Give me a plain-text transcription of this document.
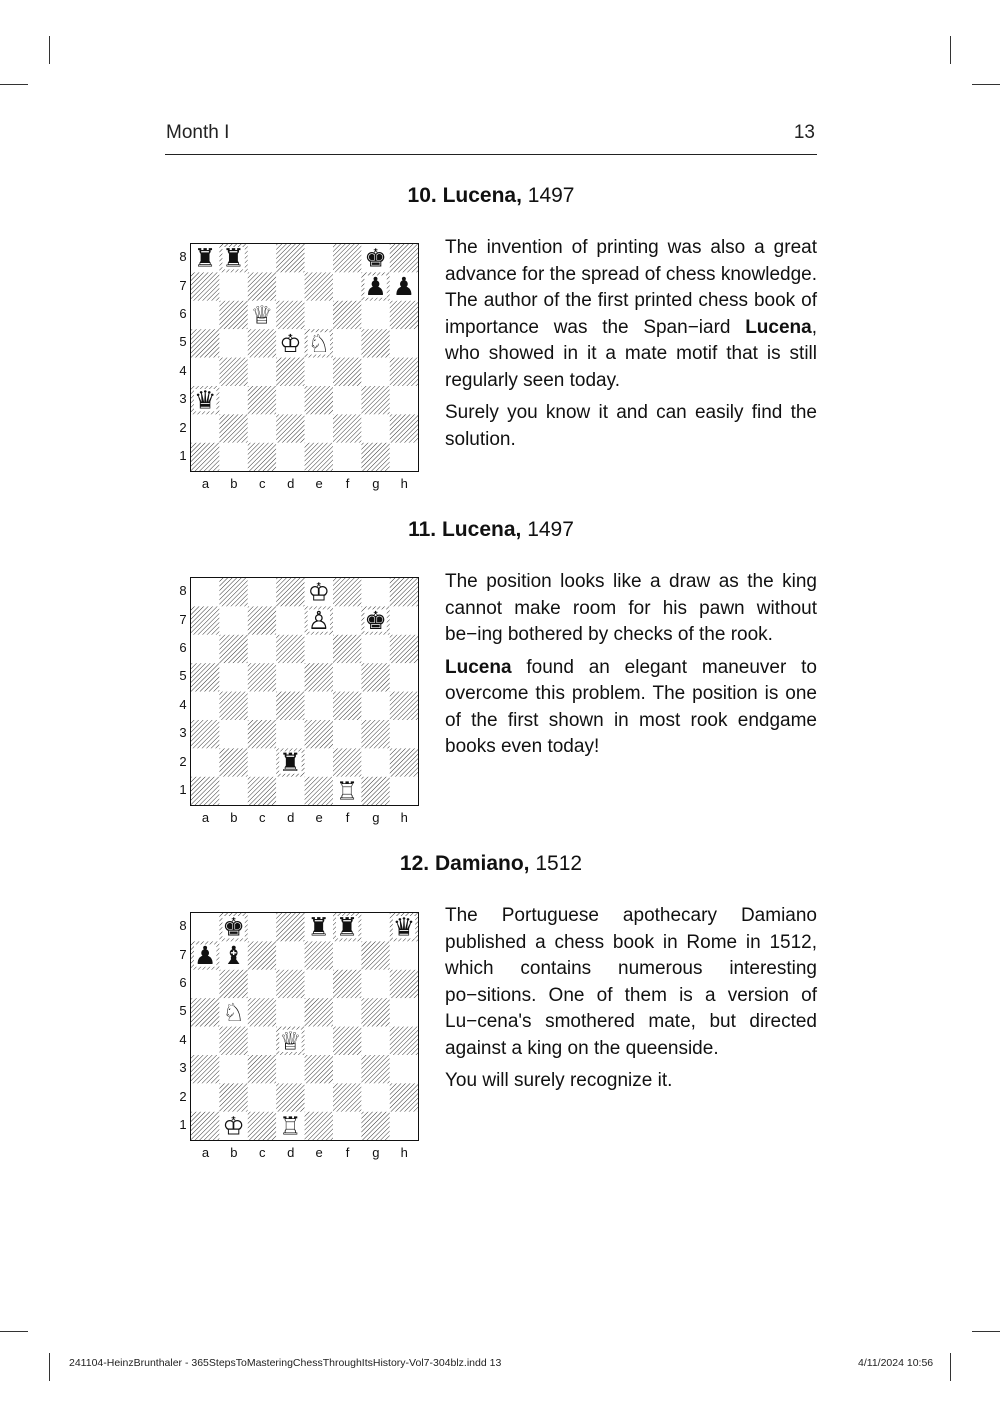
Month I	13
10. Lucena, 1497
♜ ♜	♚
♟ ♟
♕
♔ ♘
♛
8
7
6
5
4
3
2
1
a	b	c	d	e	f	g	h

The invention of printing was also a great advance for the spread of chess knowledge. The author of the first printed chess book of importance was the Span−iard Lucena, who showed in it a mate motif that is still regularly seen today.

Surely you know it and can easily find the solution.

11. Lucena, 1497
♔
♙ ♚
♜
♖
8
7
6
5
4
3
2
1
a	b	c	d	e	f	g	h

The position looks like a draw as the king cannot make room for his pawn without be−ing bothered by checks of the rook.

Lucena found an elegant maneuver to overcome this problem. The position is one of the first shown in most rook endgame books even today!

12. Damiano, 1512
♚	♜ ♜ ♛
♟ ♝
♘
♕
♔ ♖
8
7
6
5
4
3
2
1
a	b	c	d	e	f	g	h

The Portuguese apothecary Damiano published a chess book in Rome in 1512, which contains numerous interesting po−sitions. One of them is a version of Lu−cena's smothered mate, but directed against a king on the queenside.

You will surely recognize it.

241104-HeinzBrunthaler - 365StepsToMasteringChessThroughItsHistory-Vol7-304blz.indd 13	4/11/2024 10:56
